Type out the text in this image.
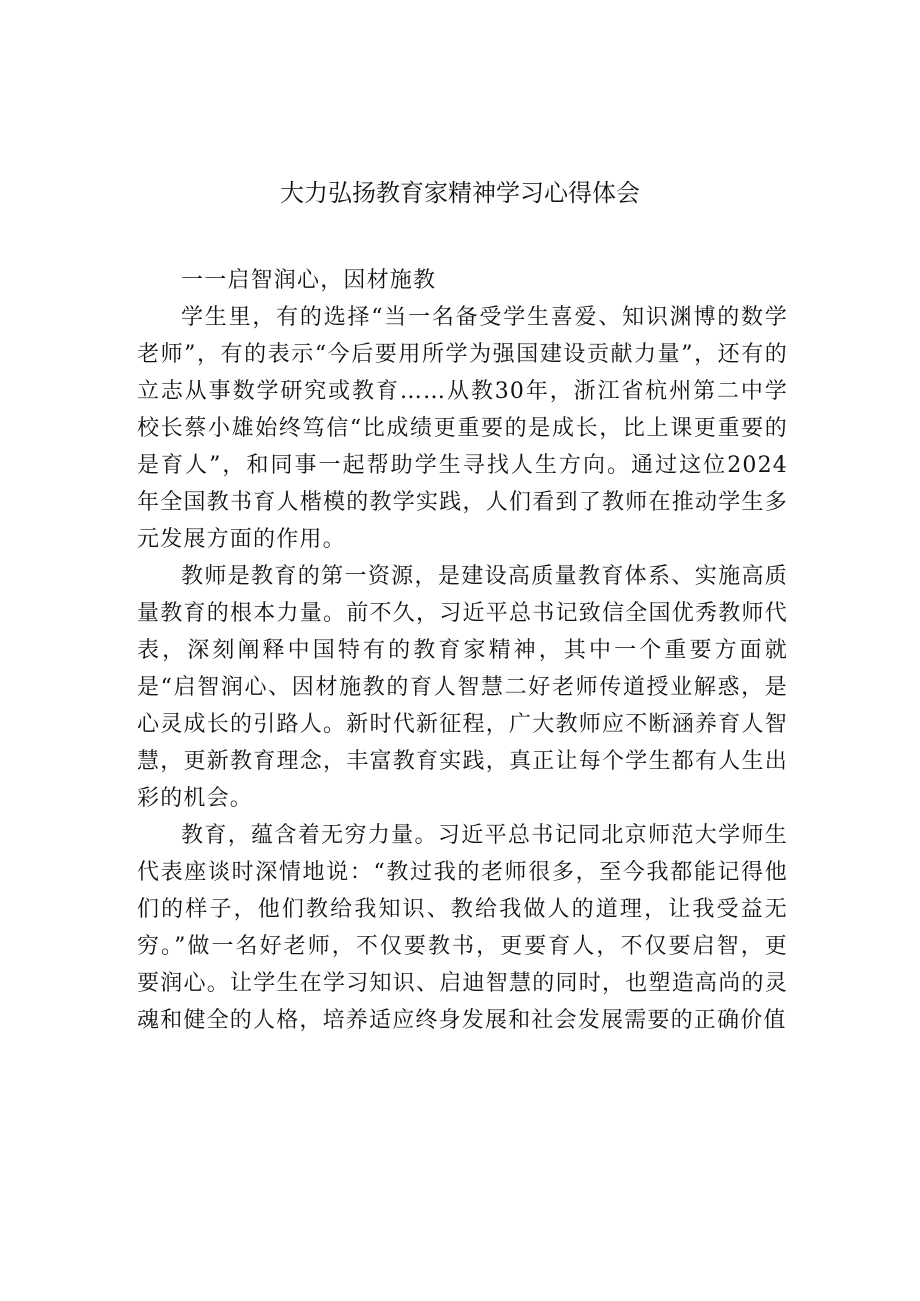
大力弘扬教育家精神学习心得体会

一一启智润心，因材施教

学生里，有的选择“当一名备受学生喜爱、知识渊博的数学老师”，有的表示“今后要用所学为强国建设贡献力量”，还有的立志从事数学研究或教育……从教30年，浙江省杭州第二中学校长蔡小雄始终笃信“比成绩更重要的是成长，比上课更重要的是育人”，和同事一起帮助学生寻找人生方向。通过这位2024年全国教书育人楷模的教学实践，人们看到了教师在推动学生多元发展方面的作用。

教师是教育的第一资源，是建设高质量教育体系、实施高质量教育的根本力量。前不久，习近平总书记致信全国优秀教师代表，深刻阐释中国特有的教育家精神，其中一个重要方面就是“启智润心、因材施教的育人智慧二好老师传道授业解惑，是心灵成长的引路人。新时代新征程，广大教师应不断涵养育人智慧，更新教育理念，丰富教育实践，真正让每个学生都有人生出彩的机会。

教育，蕴含着无穷力量。习近平总书记同北京师范大学师生代表座谈时深情地说：“教过我的老师很多，至今我都能记得他们的样子，他们教给我知识、教给我做人的道理，让我受益无穷。”做一名好老师，不仅要教书，更要育人，不仅要启智，更要润心。让学生在学习知识、启迪智慧的同时，也塑造高尚的灵魂和健全的人格，培养适应终身发展和社会发展需要的正确价值
